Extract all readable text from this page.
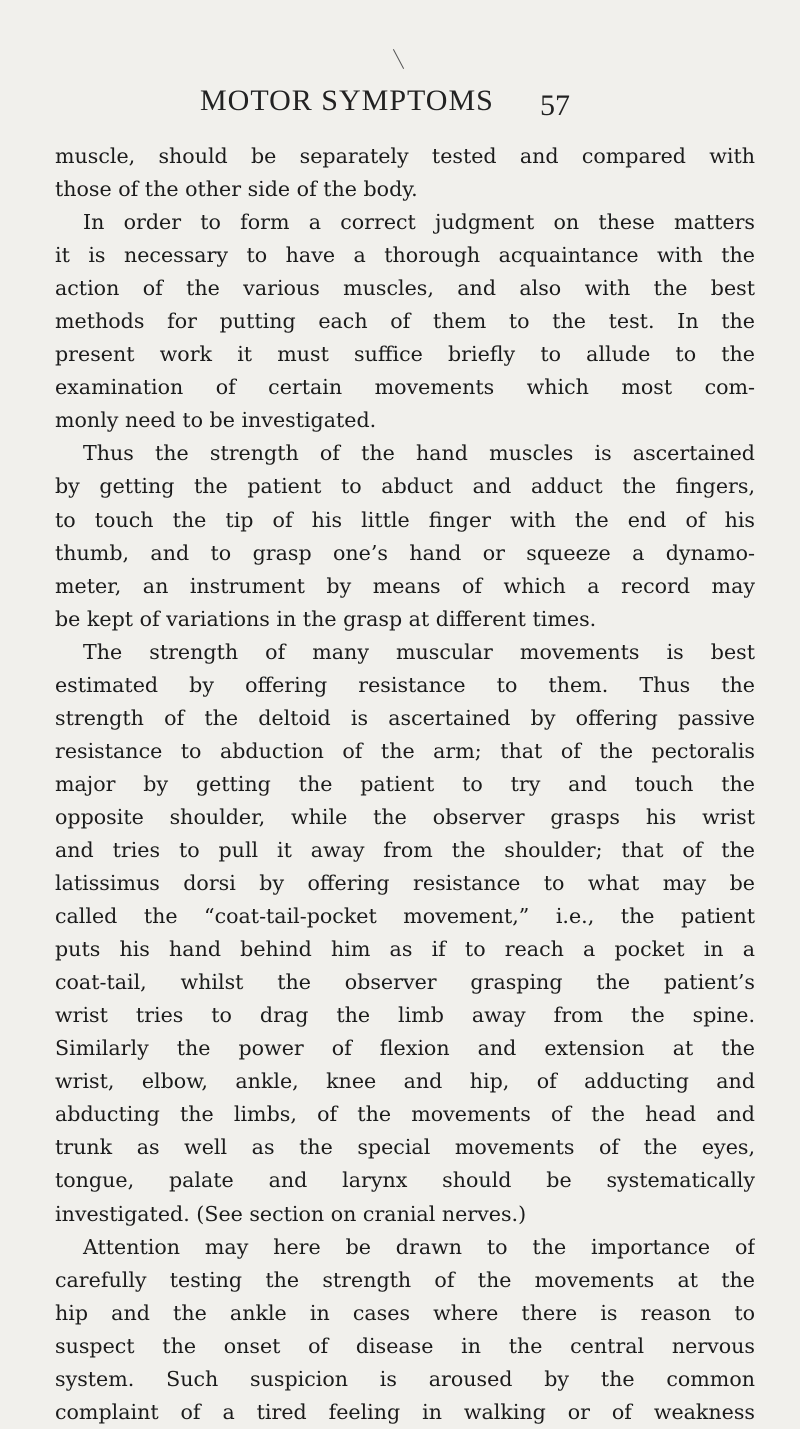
MOTOR SYMPTOMS 57
muscle, should be separately tested and compared with
those of the other side of the body.
In order to form a correct judgment on these matters
it is necessary to have a thorough acquaintance with the
action of the various muscles, and also with the best
methods for putting each of them to the test. In the
present work it must suffice briefly to allude to the
examination of certain movements which most com-
monly need to be investigated.
Thus the strength of the hand muscles is ascertained
by getting the patient to abduct and adduct the fingers,
to touch the tip of his little finger with the end of his
thumb, and to grasp one’s hand or squeeze a dynamo-
meter, an instrument by means of which a record may
be kept of variations in the grasp at different times.
The strength of many muscular movements is best
estimated by offering resistance to them. Thus the
strength of the deltoid is ascertained by offering passive
resistance to abduction of the arm; that of the pectoralis
major by getting the patient to try and touch the
opposite shoulder, while the observer grasps his wrist
and tries to pull it away from the shoulder; that of the
latissimus dorsi by offering resistance to what may be
called the “coat-tail-pocket movement,” i.e., the patient
puts his hand behind him as if to reach a pocket in a
coat-tail, whilst the observer grasping the patient’s
wrist tries to drag the limb away from the spine.
Similarly the power of flexion and extension at the
wrist, elbow, ankle, knee and hip, of adducting and
abducting the limbs, of the movements of the head and
trunk as well as the special movements of the eyes,
tongue, palate and larynx should be systematically
investigated. (See section on cranial nerves.)
Attention may here be drawn to the importance of
carefully testing the strength of the movements at the
hip and the ankle in cases where there is reason to
suspect the onset of disease in the central nervous
system. Such suspicion is aroused by the common
complaint of a tired feeling in walking or of weakness
